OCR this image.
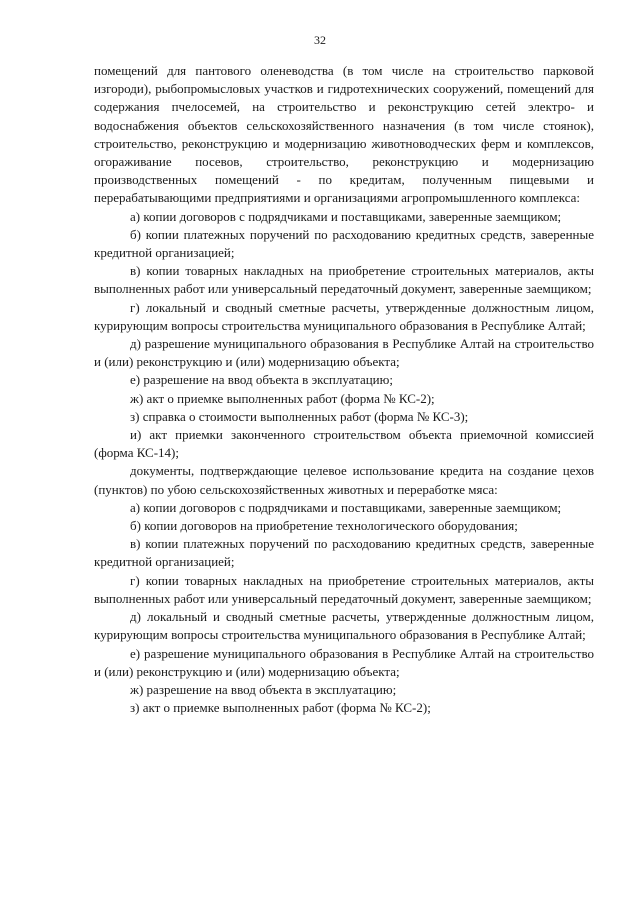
32

помещений для пантового оленеводства (в том числе на строительство парковой изгороди), рыбопромысловых участков и гидротехнических сооружений, помещений для содержания пчелосемей, на строительство и реконструкцию сетей электро- и водоснабжения объектов сельскохозяйственного назначения (в том числе стоянок), строительство, реконструкцию и модернизацию животноводческих ферм и комплексов, огораживание посевов, строительство, реконструкцию и модернизацию производственных помещений - по кредитам, полученным пищевыми и перерабатывающими предприятиями и организациями агропромышленного комплекса:

а) копии договоров с подрядчиками и поставщиками, заверенные заемщиком;

б) копии платежных поручений по расходованию кредитных средств, заверенные кредитной организацией;

в) копии товарных накладных на приобретение строительных материалов, акты выполненных работ или универсальный передаточный документ, заверенные заемщиком;

г) локальный и сводный сметные расчеты, утвержденные должностным лицом, курирующим вопросы строительства муниципального образования в Республике Алтай;

д) разрешение муниципального образования в Республике Алтай на строительство и (или) реконструкцию и (или) модернизацию объекта;

е) разрешение на ввод объекта в эксплуатацию;

ж) акт о приемке выполненных работ (форма № КС-2);

з) справка о стоимости выполненных работ (форма № КС-3);

и) акт приемки законченного строительством объекта приемочной комиссией (форма КС-14);

документы, подтверждающие целевое использование кредита на создание цехов (пунктов) по убою сельскохозяйственных животных и переработке мяса:

а) копии договоров с подрядчиками и поставщиками, заверенные заемщиком;

б) копии договоров на приобретение технологического оборудования;

в) копии платежных поручений по расходованию кредитных средств, заверенные кредитной организацией;

г) копии товарных накладных на приобретение строительных материалов, акты выполненных работ или универсальный передаточный документ, заверенные заемщиком;

д) локальный и сводный сметные расчеты, утвержденные должностным лицом, курирующим вопросы строительства муниципального образования в Республике Алтай;

е) разрешение муниципального образования в Республике Алтай на строительство и (или) реконструкцию и (или) модернизацию объекта;

ж) разрешение на ввод объекта в эксплуатацию;

з) акт о приемке выполненных работ (форма № КС-2);
